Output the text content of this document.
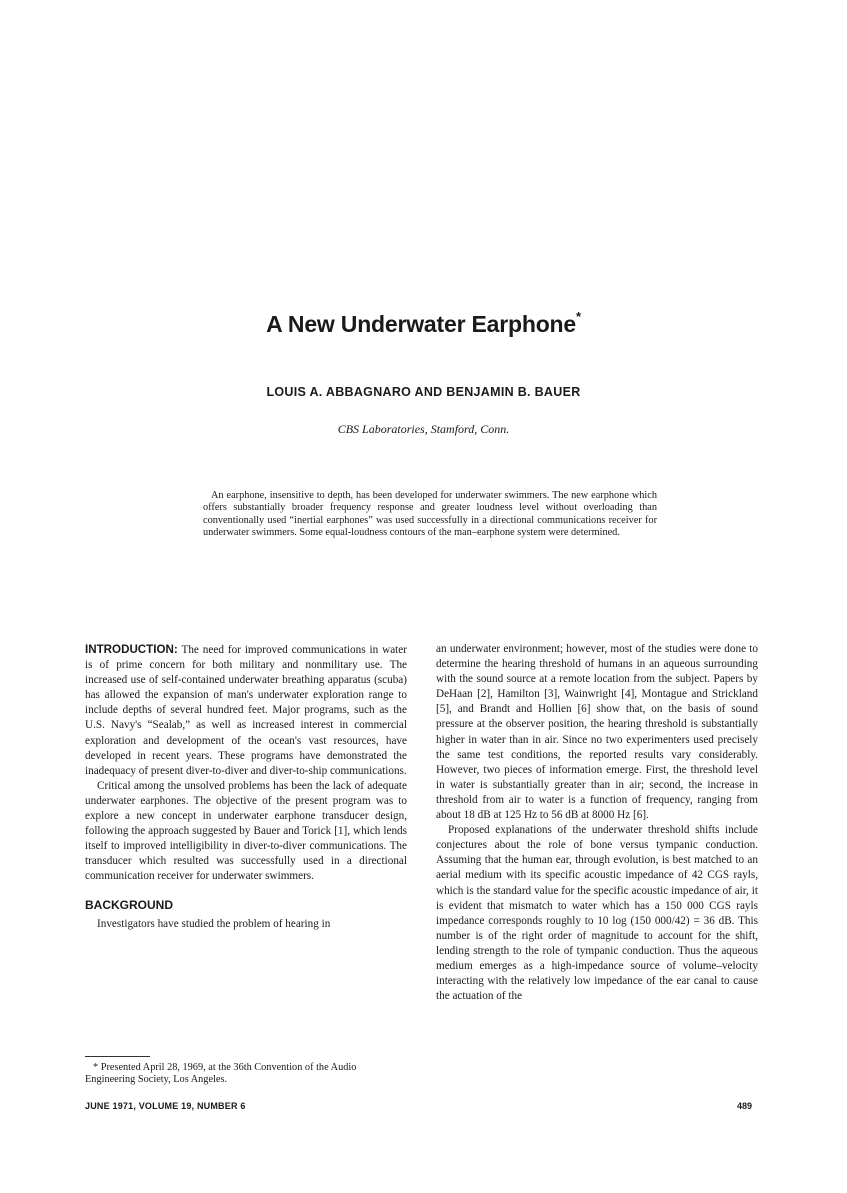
A New Underwater Earphone*
LOUIS A. ABBAGNARO AND BENJAMIN B. BAUER
CBS Laboratories, Stamford, Conn.
An earphone, insensitive to depth, has been developed for underwater swimmers. The new earphone which offers substantially broader frequency response and greater loudness level without overloading than conventionally used “inertial earphones” was used successfully in a directional communications receiver for underwater swimmers. Some equal-loudness contours of the man–earphone system were determined.

INTRODUCTION: The need for improved communications in water is of prime concern for both military and nonmilitary use. The increased use of self-contained underwater breathing apparatus (scuba) has allowed the expansion of man's underwater exploration range to include depths of several hundred feet. Major programs, such as the U.S. Navy's “Sealab,” as well as increased interest in commercial exploration and development of the ocean's vast resources, have developed in recent years. These programs have demonstrated the inadequacy of present diver-to-diver and diver-to-ship communications.

Critical among the unsolved problems has been the lack of adequate underwater earphones. The objective of the present program was to explore a new concept in underwater earphone transducer design, following the approach suggested by Bauer and Torick [1], which lends itself to improved intelligibility in diver-to-diver communications. The transducer which resulted was successfully used in a directional communication receiver for underwater swimmers.

BACKGROUND

Investigators have studied the problem of hearing in

an underwater environment; however, most of the studies were done to determine the hearing threshold of humans in an aqueous surrounding with the sound source at a remote location from the subject. Papers by DeHaan [2], Hamilton [3], Wainwright [4], Montague and Strickland [5], and Brandt and Hollien [6] show that, on the basis of sound pressure at the observer position, the hearing threshold is substantially higher in water than in air. Since no two experimenters used precisely the same test conditions, the reported results vary considerably. However, two pieces of information emerge. First, the threshold level in water is substantially greater than in air; second, the increase in threshold from air to water is a function of frequency, ranging from about 18 dB at 125 Hz to 56 dB at 8000 Hz [6].

Proposed explanations of the underwater threshold shifts include conjectures about the role of bone versus tympanic conduction. Assuming that the human ear, through evolution, is best matched to an aerial medium with its specific acoustic impedance of 42 CGS rayls, which is the standard value for the specific acoustic impedance of air, it is evident that mismatch to water which has a 150 000 CGS rayls impedance corresponds roughly to 10 log (150 000/42) = 36 dB. This number is of the right order of magnitude to account for the shift, lending strength to the role of tympanic conduction. Thus the aqueous medium emerges as a high-impedance source of volume–velocity interacting with the relatively low impedance of the ear canal to cause the actuation of the

* Presented April 28, 1969, at the 36th Convention of the Audio Engineering Society, Los Angeles.
JUNE 1971, VOLUME 19, NUMBER 6	489
